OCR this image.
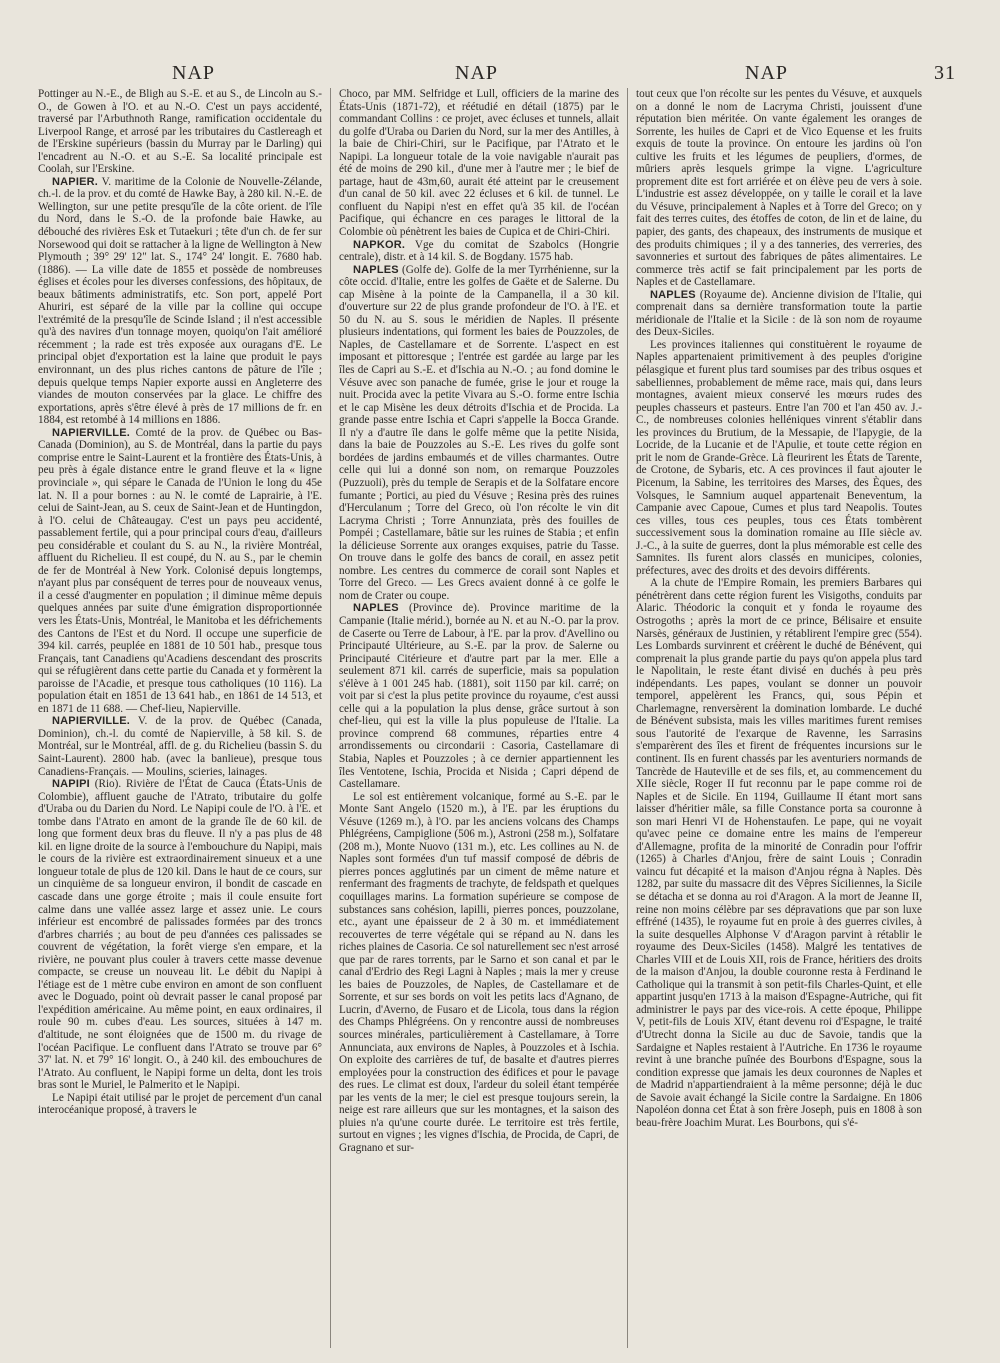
NAP	NAP	NAP	31

Pottinger au N.-E., de Bligh au S.-E. et au S., de Lincoln au S.-O., de Gowen à l'O. et au N.-O. C'est un pays accidenté, traversé par l'Arbuthnoth Range, ramification occidentale du Liverpool Range, et arrosé par les tributaires du Castlereagh et de l'Erskine supérieurs (bassin du Murray par le Darling) qui l'encadrent au N.-O. et au S.-E. Sa localité principale est Coolah, sur l'Erskine.

NAPIER. V. maritime de la Colonie de Nouvelle-Zélande, ch.-l. de la prov. et du comté de Hawke Bay, à 280 kil. N.-E. de Wellington, sur une petite presqu'île de la côte orient. de l'île du Nord, dans le S.-O. de la profonde baie Hawke, au débouché des rivières Esk et Tutaekuri ; tête d'un ch. de fer sur Norsewood qui doit se rattacher à la ligne de Wellington à New Plymouth ; 39° 29' 12" lat. S., 174° 24' longit. E. 7680 hab. (1886). — La ville date de 1855 et possède de nombreuses églises et écoles pour les diverses confessions, des hôpitaux, de beaux bâtiments administratifs, etc. Son port, appelé Port Ahuriri, est séparé de la ville par la colline qui occupe l'extrémité de la presqu'île de Scinde Island ; il n'est accessible qu'à des navires d'un tonnage moyen, quoiqu'on l'ait amélioré récemment ; la rade est très exposée aux ouragans d'E. Le principal objet d'exportation est la laine que produit le pays environnant, un des plus riches cantons de pâture de l'île ; depuis quelque temps Napier exporte aussi en Angleterre des viandes de mouton conservées par la glace. Le chiffre des exportations, après s'être élevé à près de 17 millions de fr. en 1884, est retombé à 14 millions en 1886.

NAPIERVILLE. Comté de la prov. de Québec ou Bas-Canada (Dominion), au S. de Montréal, dans la partie du pays comprise entre le Saint-Laurent et la frontière des États-Unis, à peu près à égale distance entre le grand fleuve et la « ligne provinciale », qui sépare le Canada de l'Union le long du 45e lat. N. Il a pour bornes : au N. le comté de Laprairie, à l'E. celui de Saint-Jean, au S. ceux de Saint-Jean et de Huntingdon, à l'O. celui de Châteaugay. C'est un pays peu accidenté, passablement fertile, qui a pour principal cours d'eau, d'ailleurs peu considérable et coulant du S. au N., la rivière Montréal, affluent du Richelieu. Il est coupé, du N. au S., par le chemin de fer de Montréal à New York. Colonisé depuis longtemps, n'ayant plus par conséquent de terres pour de nouveaux venus, il a cessé d'augmenter en population ; il diminue même depuis quelques années par suite d'une émigration disproportionnée vers les États-Unis, Montréal, le Manitoba et les défrichements des Cantons de l'Est et du Nord. Il occupe une superficie de 394 kil. carrés, peuplée en 1881 de 10 501 hab., presque tous Français, tant Canadiens qu'Acadiens descendant des proscrits qui se réfugièrent dans cette partie du Canada et y formèrent la paroisse de l'Acadie, et presque tous catholiques (10 116). La population était en 1851 de 13 641 hab., en 1861 de 14 513, et en 1871 de 11 688. — Chef-lieu, Napierville.

NAPIERVILLE. V. de la prov. de Québec (Canada, Dominion), ch.-l. du comté de Napierville, à 58 kil. S. de Montréal, sur le Montréal, affl. de g. du Richelieu (bassin S. du Saint-Laurent). 2800 hab. (avec la banlieue), presque tous Canadiens-Français. — Moulins, scieries, lainages.

NAPIPI (Rio). Rivière de l'État de Cauca (États-Unis de Colombie), affluent gauche de l'Atrato, tributaire du golfe d'Uraba ou du Darien du Nord. Le Napipi coule de l'O. à l'E. et tombe dans l'Atrato en amont de la grande île de 60 kil. de long que forment deux bras du fleuve. Il n'y a pas plus de 48 kil. en ligne droite de la source à l'embouchure du Napipi, mais le cours de la rivière est extraordinairement sinueux et a une longueur totale de plus de 120 kil. Dans le haut de ce cours, sur un cinquième de sa longueur environ, il bondit de cascade en cascade dans une gorge étroite ; mais il coule ensuite fort calme dans une vallée assez large et assez unie. Le cours inférieur est encombré de palissades formées par des troncs d'arbres charriés ; au bout de peu d'années ces palissades se couvrent de végétation, la forêt vierge s'en empare, et la rivière, ne pouvant plus couler à travers cette masse devenue compacte, se creuse un nouveau lit. Le débit du Napipi à l'étiage est de 1 mètre cube environ en amont de son confluent avec le Doguado, point où devrait passer le canal proposé par l'expédition américaine. Au même point, en eaux ordinaires, il roule 90 m. cubes d'eau. Les sources, situées à 147 m. d'altitude, ne sont éloignées que de 1500 m. du rivage de l'océan Pacifique. Le confluent dans l'Atrato se trouve par 6° 37' lat. N. et 79° 16' longit. O., à 240 kil. des embouchures de l'Atrato. Au confluent, le Napipi forme un delta, dont les trois bras sont le Muriel, le Palmerito et le Napipi.

Le Napipi était utilisé par le projet de percement d'un canal interocéanique proposé, à travers le

Choco, par MM. Selfridge et Lull, officiers de la marine des États-Unis (1871-72), et réétudié en détail (1875) par le commandant Collins : ce projet, avec écluses et tunnels, allait du golfe d'Uraba ou Darien du Nord, sur la mer des Antilles, à la baie de Chiri-Chiri, sur le Pacifique, par l'Atrato et le Napipi. La longueur totale de la voie navigable n'aurait pas été de moins de 290 kil., d'une mer à l'autre mer ; le bief de partage, haut de 43m,60, aurait été atteint par le creusement d'un canal de 50 kil. avec 22 écluses et 6 kil. de tunnel. Le confluent du Napipi n'est en effet qu'à 35 kil. de l'océan Pacifique, qui échancre en ces parages le littoral de la Colombie où pénètrent les baies de Cupica et de Chiri-Chiri.

NAPKOR. Vge du comitat de Szabolcs (Hongrie centrale), distr. et à 14 kil. S. de Bogdany. 1575 hab.

NAPLES (Golfe de). Golfe de la mer Tyrrhénienne, sur la côte occid. d'Italie, entre les golfes de Gaëte et de Salerne. Du cap Misène à la pointe de la Campanella, il a 30 kil. d'ouverture sur 22 de plus grande profondeur de l'O. à l'E. et 50 du N. au S. sous le méridien de Naples. Il présente plusieurs indentations, qui forment les baies de Pouzzoles, de Naples, de Castellamare et de Sorrente. L'aspect en est imposant et pittoresque ; l'entrée est gardée au large par les îles de Capri au S.-E. et d'Ischia au N.-O. ; au fond domine le Vésuve avec son panache de fumée, grise le jour et rouge la nuit. Procida avec la petite Vivara au S.-O. forme entre Ischia et le cap Misène les deux détroits d'Ischia et de Procida. La grande passe entre Ischia et Capri s'appelle la Bocca Grande. Il n'y a d'autre île dans le golfe même que la petite Nisida, dans la baie de Pouzzoles au S.-E. Les rives du golfe sont bordées de jardins embaumés et de villes charmantes. Outre celle qui lui a donné son nom, on remarque Pouzzoles (Puzzuoli), près du temple de Serapis et de la Solfatare encore fumante ; Portici, au pied du Vésuve ; Resina près des ruines d'Herculanum ; Torre del Greco, où l'on récolte le vin dit Lacryma Christi ; Torre Annunziata, près des fouilles de Pompéi ; Castellamare, bâtie sur les ruines de Stabia ; et enfin la délicieuse Sorrente aux oranges exquises, patrie du Tasse. On trouve dans le golfe des bancs de corail, en assez petit nombre. Les centres du commerce de corail sont Naples et Torre del Greco. — Les Grecs avaient donné à ce golfe le nom de Crater ou coupe.

NAPLES (Province de). Province maritime de la Campanie (Italie mérid.), bornée au N. et au N.-O. par la prov. de Caserte ou Terre de Labour, à l'E. par la prov. d'Avellino ou Principauté Ultérieure, au S.-E. par la prov. de Salerne ou Principauté Citérieure et d'autre part par la mer. Elle a seulement 871 kil. carrés de superficie, mais sa population s'élève à 1 001 245 hab. (1881), soit 1150 par kil. carré; on voit par si c'est la plus petite province du royaume, c'est aussi celle qui a la population la plus dense, grâce surtout à son chef-lieu, qui est la ville la plus populeuse de l'Italie. La province comprend 68 communes, réparties entre 4 arrondissements ou circondarii : Casoria, Castellamare di Stabia, Naples et Pouzzoles ; à ce dernier appartiennent les îles Ventotene, Ischia, Procida et Nisida ; Capri dépend de Castellamare.

Le sol est entièrement volcanique, formé au S.-E. par le Monte Sant Angelo (1520 m.), à l'E. par les éruptions du Vésuve (1269 m.), à l'O. par les anciens volcans des Champs Phlégréens, Campiglione (506 m.), Astroni (258 m.), Solfatare (208 m.), Monte Nuovo (131 m.), etc. Les collines au N. de Naples sont formées d'un tuf massif composé de débris de pierres ponces agglutinés par un ciment de même nature et renfermant des fragments de trachyte, de feldspath et quelques coquillages marins. La formation supérieure se compose de substances sans cohésion, lapilli, pierres ponces, pouzzolane, etc., ayant une épaisseur de 2 à 30 m. et immédiatement recouvertes de terre végétale qui se répand au N. dans les riches plaines de Casoria. Ce sol naturellement sec n'est arrosé que par de rares torrents, par le Sarno et son canal et par le canal d'Erdrio des Regi Lagni à Naples ; mais la mer y creuse les baies de Pouzzoles, de Naples, de Castellamare et de Sorrente, et sur ses bords on voit les petits lacs d'Agnano, de Lucrin, d'Averno, de Fusaro et de Licola, tous dans la région des Champs Phlégréens. On y rencontre aussi de nombreuses sources minérales, particulièrement à Castellamare, à Torre Annunciata, aux environs de Naples, à Pouzzoles et à Ischia. On exploite des carrières de tuf, de basalte et d'autres pierres employées pour la construction des édifices et pour le pavage des rues. Le climat est doux, l'ardeur du soleil étant tempérée par les vents de la mer; le ciel est presque toujours serein, la neige est rare ailleurs que sur les montagnes, et la saison des pluies n'a qu'une courte durée. Le territoire est très fertile, surtout en vignes ; les vignes d'Ischia, de Procida, de Capri, de Gragnano et sur-

tout ceux que l'on récolte sur les pentes du Vésuve, et auxquels on a donné le nom de Lacryma Christi, jouissent d'une réputation bien méritée. On vante également les oranges de Sorrente, les huiles de Capri et de Vico Equense et les fruits exquis de toute la province. On entoure les jardins où l'on cultive les fruits et les légumes de peupliers, d'ormes, de mûriers après lesquels grimpe la vigne. L'agriculture proprement dite est fort arriérée et on élève peu de vers à soie. L'industrie est assez développée, on y taille le corail et la lave du Vésuve, principalement à Naples et à Torre del Greco; on y fait des terres cuites, des étoffes de coton, de lin et de laine, du papier, des gants, des chapeaux, des instruments de musique et des produits chimiques ; il y a des tanneries, des verreries, des savonneries et surtout des fabriques de pâtes alimentaires. Le commerce très actif se fait principalement par les ports de Naples et de Castellamare.

NAPLES (Royaume de). Ancienne division de l'Italie, qui comprenait dans sa dernière transformation toute la partie méridionale de l'Italie et la Sicile : de là son nom de royaume des Deux-Siciles.

Les provinces italiennes qui constituèrent le royaume de Naples appartenaient primitivement à des peuples d'origine pélasgique et furent plus tard soumises par des tribus osques et sabelliennes, probablement de même race, mais qui, dans leurs montagnes, avaient mieux conservé les mœurs rudes des peuples chasseurs et pasteurs. Entre l'an 700 et l'an 450 av. J.-C., de nombreuses colonies helléniques vinrent s'établir dans les provinces du Brutium, de la Messapie, de l'Iapygie, de la Locride, de la Lucanie et de l'Apulie, et toute cette région en prit le nom de Grande-Grèce. Là fleurirent les États de Tarente, de Crotone, de Sybaris, etc. A ces provinces il faut ajouter le Picenum, la Sabine, les territoires des Marses, des Èques, des Volsques, le Samnium auquel appartenait Beneventum, la Campanie avec Capoue, Cumes et plus tard Neapolis. Toutes ces villes, tous ces peuples, tous ces États tombèrent successivement sous la domination romaine au IIIe siècle av. J.-C., à la suite de guerres, dont la plus mémorable est celle des Samnites. Ils furent alors classés en municipes, colonies, préfectures, avec des droits et des devoirs différents.

A la chute de l'Empire Romain, les premiers Barbares qui pénétrèrent dans cette région furent les Visigoths, conduits par Alaric. Théodoric la conquit et y fonda le royaume des Ostrogoths ; après la mort de ce prince, Bélisaire et ensuite Narsès, généraux de Justinien, y rétablirent l'empire grec (554). Les Lombards survinrent et créèrent le duché de Bénévent, qui comprenait la plus grande partie du pays qu'on appela plus tard le Napolitain, le reste étant divisé en duchés à peu près indépendants. Les papes, voulant se donner un pouvoir temporel, appelèrent les Francs, qui, sous Pépin et Charlemagne, renversèrent la domination lombarde. Le duché de Bénévent subsista, mais les villes maritimes furent remises sous l'autorité de l'exarque de Ravenne, les Sarrasins s'emparèrent des îles et firent de fréquentes incursions sur le continent. Ils en furent chassés par les aventuriers normands de Tancrède de Hauteville et de ses fils, et, au commencement du XIIe siècle, Roger II fut reconnu par le pape comme roi de Naples et de Sicile. En 1194, Guillaume II étant mort sans laisser d'héritier mâle, sa fille Constance porta sa couronne à son mari Henri VI de Hohenstaufen. Le pape, qui ne voyait qu'avec peine ce domaine entre les mains de l'empereur d'Allemagne, profita de la minorité de Conradin pour l'offrir (1265) à Charles d'Anjou, frère de saint Louis ; Conradin vaincu fut décapité et la maison d'Anjou régna à Naples. Dès 1282, par suite du massacre dit des Vêpres Siciliennes, la Sicile se détacha et se donna au roi d'Aragon. A la mort de Jeanne II, reine non moins célèbre par ses dépravations que par son luxe effréné (1435), le royaume fut en proie à des guerres civiles, à la suite desquelles Alphonse V d'Aragon parvint à rétablir le royaume des Deux-Siciles (1458). Malgré les tentatives de Charles VIII et de Louis XII, rois de France, héritiers des droits de la maison d'Anjou, la double couronne resta à Ferdinand le Catholique qui la transmit à son petit-fils Charles-Quint, et elle appartint jusqu'en 1713 à la maison d'Espagne-Autriche, qui fit administrer le pays par des vice-rois. A cette époque, Philippe V, petit-fils de Louis XIV, étant devenu roi d'Espagne, le traité d'Utrecht donna la Sicile au duc de Savoie, tandis que la Sardaigne et Naples restaient à l'Autriche. En 1736 le royaume revint à une branche puînée des Bourbons d'Espagne, sous la condition expresse que jamais les deux couronnes de Naples et de Madrid n'appartiendraient à la même personne; déjà le duc de Savoie avait échangé la Sicile contre la Sardaigne. En 1806 Napoléon donna cet État à son frère Joseph, puis en 1808 à son beau-frère Joachim Murat. Les Bourbons, qui s'é-
